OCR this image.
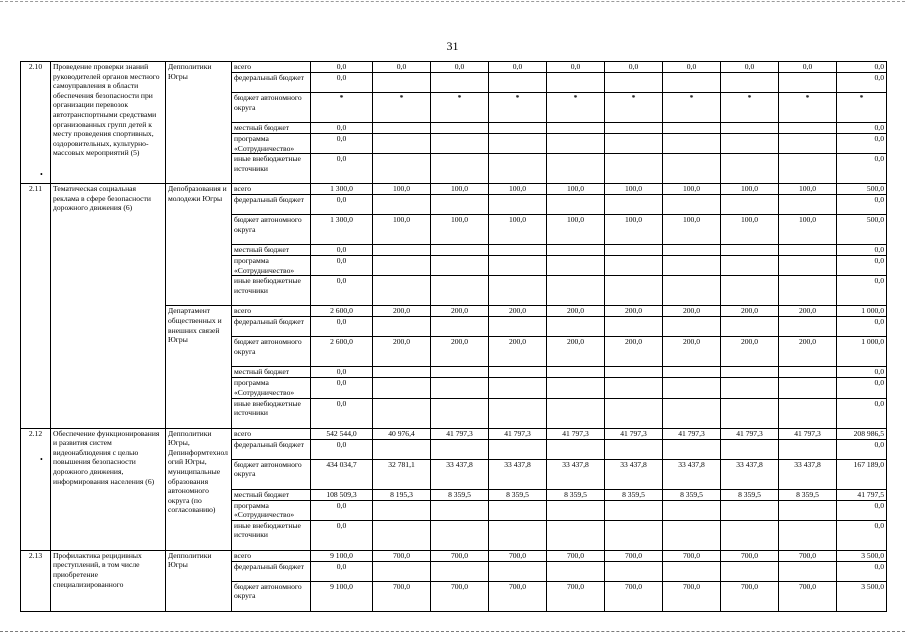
31
2.10	Проведение проверки знаний руководителей органов местного самоуправления в области обеспечения безопасности при организации перевозок автотранспортными средствами организованных групп детей к месту проведения спортивных, оздоровительных, культурно-массовых мероприятий (5)	Депполитики Югры	всего	0,0	0,0	0,0	0,0	0,0	0,0	0,0	0,0	0,0	0,0
			федеральный бюджет	0,0									0,0
			бюджет автономного округа	*	*	*	*	*	*	*	*	*	*
			местный бюджет	0,0									0,0
			программа «Сотрудничество»	0,0									0,0
			иные внебюджетные источники	0,0									0,0
2.11	Тематическая социальная реклама в сфере безопасности дорожного движения (6)	Депобразования и молодежи Югры	всего	1 300,0	100,0	100,0	100,0	100,0	100,0	100,0	100,0	100,0	500,0
			федеральный бюджет	0,0									0,0
			бюджет автономного округа	1 300,0	100,0	100,0	100,0	100,0	100,0	100,0	100,0	100,0	500,0
			местный бюджет	0,0									0,0
			программа «Сотрудничество»	0,0									0,0
			иные внебюджетные источники	0,0									0,0
		Департамент общественных и внешних связей Югры	всего	2 600,0	200,0	200,0	200,0	200,0	200,0	200,0	200,0	200,0	1 000,0
			федеральный бюджет	0,0									0,0
			бюджет автономного округа	2 600,0	200,0	200,0	200,0	200,0	200,0	200,0	200,0	200,0	1 000,0
			местный бюджет	0,0									0,0
			программа «Сотрудничество»	0,0									0,0
			иные внебюджетные источники	0,0									0,0
2.12	Обеспечение функционирования и развития систем видеонаблюдения с целью повышения безопасности дорожного движения, информирования населения (6)	Депполитики Югры, Депинформтехнологий Югры, муниципальные образования автономного округа (по согласованию)	всего	542 544,0	40 976,4	41 797,3	41 797,3	41 797,3	41 797,3	41 797,3	41 797,3	41 797,3	208 986,5
			федеральный бюджет	0,0									0,0
			бюджет автономного округа	434 034,7	32 781,1	33 437,8	33 437,8	33 437,8	33 437,8	33 437,8	33 437,8	33 437,8	167 189,0
			местный бюджет	108 509,3	8 195,3	8 359,5	8 359,5	8 359,5	8 359,5	8 359,5	8 359,5	8 359,5	41 797,5
			программа «Сотрудничество»	0,0									0,0
			иные внебюджетные источники	0,0									0,0
2.13	Профилактика рецидивных преступлений, в том числе приобретение специализированного	Депполитики Югры	всего	9 100,0	700,0	700,0	700,0	700,0	700,0	700,0	700,0	700,0	3 500,0
			федеральный бюджет	0,0									0,0
			бюджет автономного округа	9 100,0	700,0	700,0	700,0	700,0	700,0	700,0	700,0	700,0	3 500,0
•
•
